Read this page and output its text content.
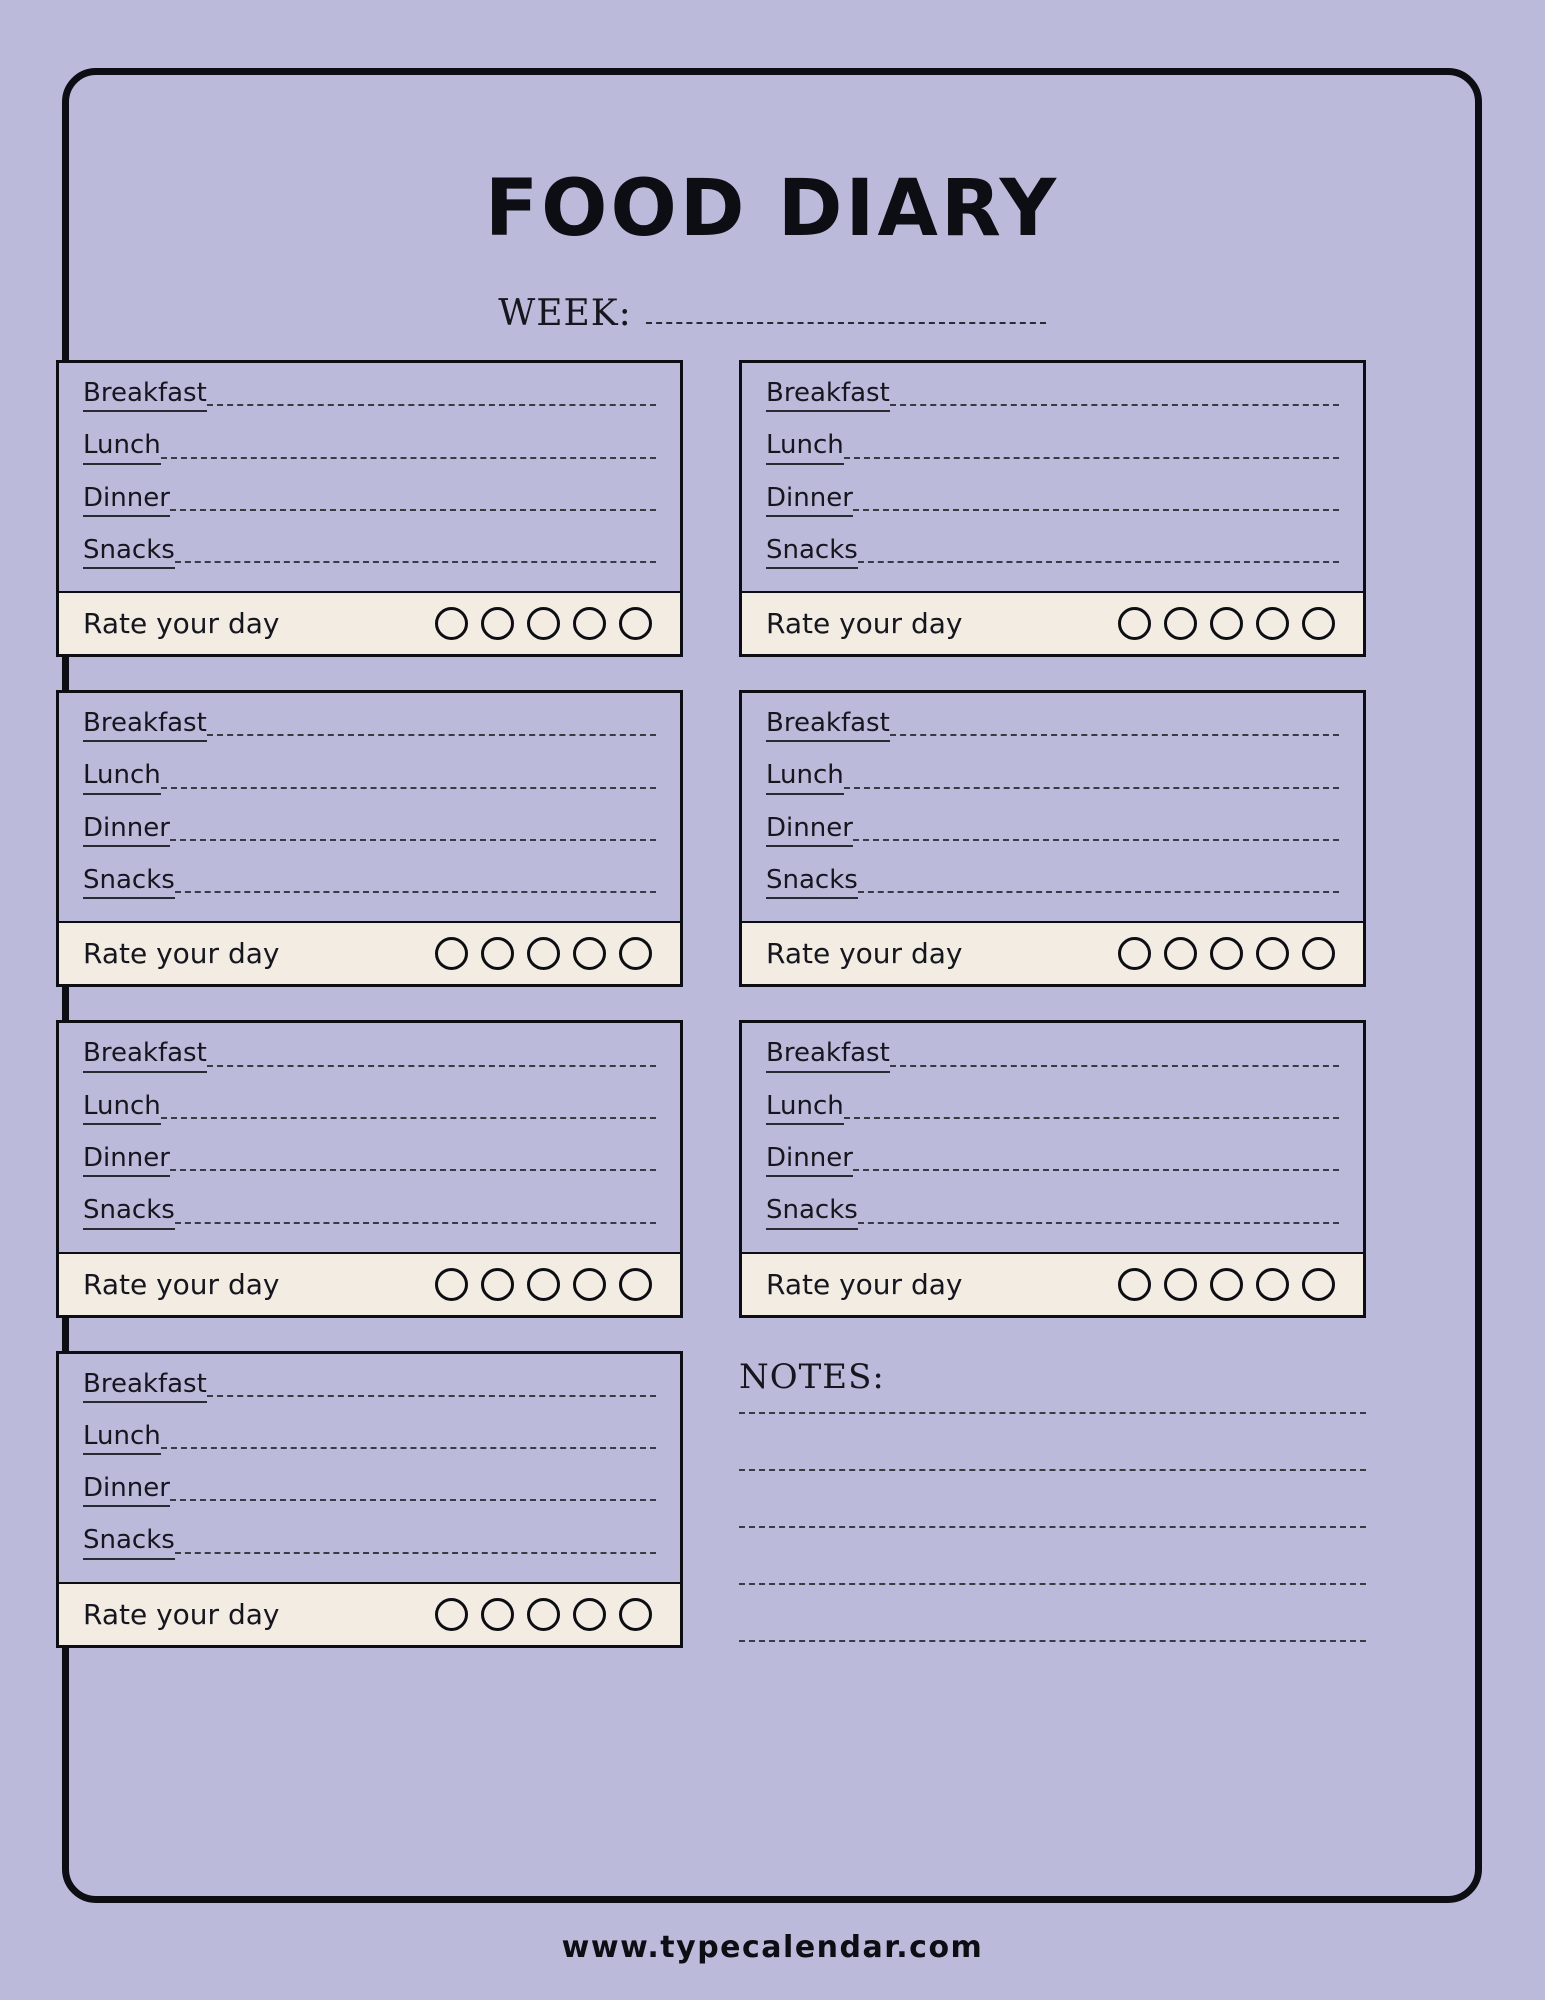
FOOD DIARY
WEEK:
Breakfast
Lunch
Dinner
Snacks
Rate your day
Breakfast
Lunch
Dinner
Snacks
Rate your day
Breakfast
Lunch
Dinner
Snacks
Rate your day
Breakfast
Lunch
Dinner
Snacks
Rate your day
Breakfast
Lunch
Dinner
Snacks
Rate your day
Breakfast
Lunch
Dinner
Snacks
Rate your day
Breakfast
Lunch
Dinner
Snacks
Rate your day
NOTES:
www.typecalendar.com
